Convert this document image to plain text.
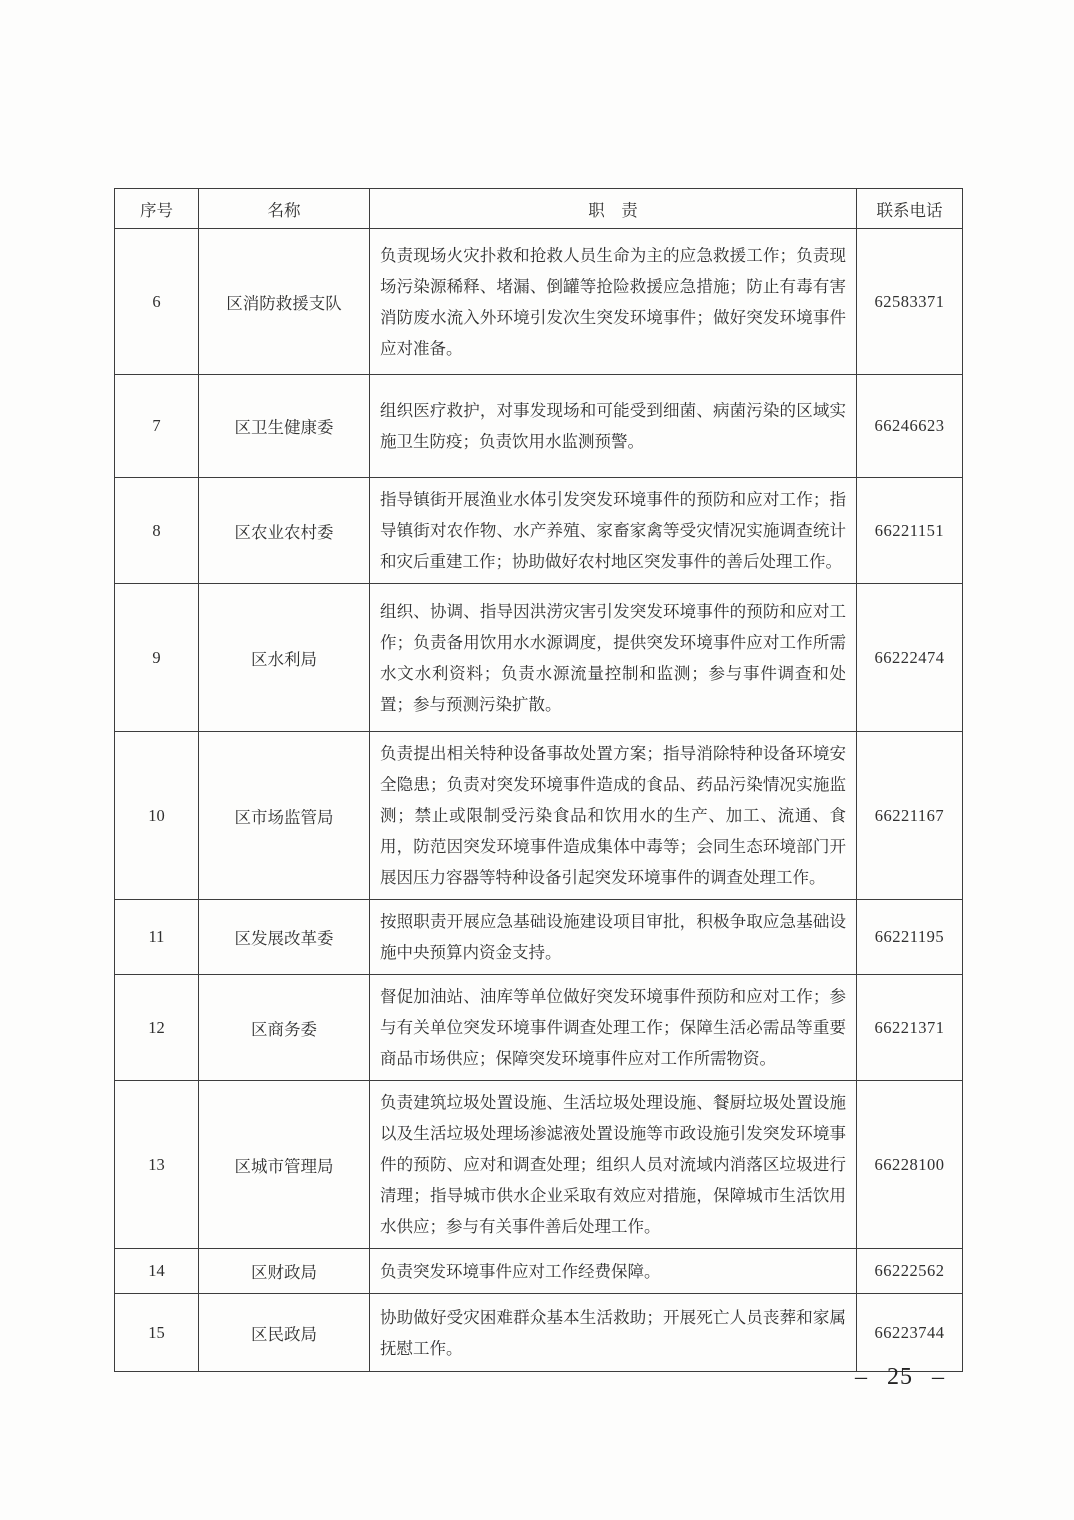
序号	名称	职　责	联系电话
6	区消防救援支队	负责现场火灾扑救和抢救人员生命为主的应急救援工作；负责现场污染源稀释、堵漏、倒罐等抢险救援应急措施；防止有毒有害消防废水流入外环境引发次生突发环境事件；做好突发环境事件应对准备。	62583371
7	区卫生健康委	组织医疗救护，对事发现场和可能受到细菌、病菌污染的区域实施卫生防疫；负责饮用水监测预警。	66246623
8	区农业农村委	指导镇街开展渔业水体引发突发环境事件的预防和应对工作；指导镇街对农作物、水产养殖、家畜家禽等受灾情况实施调查统计和灾后重建工作；协助做好农村地区突发事件的善后处理工作。	66221151
9	区水利局	组织、协调、指导因洪涝灾害引发突发环境事件的预防和应对工作；负责备用饮用水水源调度，提供突发环境事件应对工作所需水文水利资料；负责水源流量控制和监测；参与事件调查和处置；参与预测污染扩散。	66222474
10	区市场监管局	负责提出相关特种设备事故处置方案；指导消除特种设备环境安全隐患；负责对突发环境事件造成的食品、药品污染情况实施监测；禁止或限制受污染食品和饮用水的生产、加工、流通、食用，防范因突发环境事件造成集体中毒等；会同生态环境部门开展因压力容器等特种设备引起突发环境事件的调查处理工作。	66221167
11	区发展改革委	按照职责开展应急基础设施建设项目审批，积极争取应急基础设施中央预算内资金支持。	66221195
12	区商务委	督促加油站、油库等单位做好突发环境事件预防和应对工作；参与有关单位突发环境事件调查处理工作；保障生活必需品等重要商品市场供应；保障突发环境事件应对工作所需物资。	66221371
13	区城市管理局	负责建筑垃圾处置设施、生活垃圾处理设施、餐厨垃圾处置设施以及生活垃圾处理场渗滤液处置设施等市政设施引发突发环境事件的预防、应对和调查处理；组织人员对流域内消落区垃圾进行清理；指导城市供水企业采取有效应对措施，保障城市生活饮用水供应；参与有关事件善后处理工作。	66228100
14	区财政局	负责突发环境事件应对工作经费保障。	66222562
15	区民政局	协助做好受灾困难群众基本生活救助；开展死亡人员丧葬和家属抚慰工作。	66223744
– 25 –
